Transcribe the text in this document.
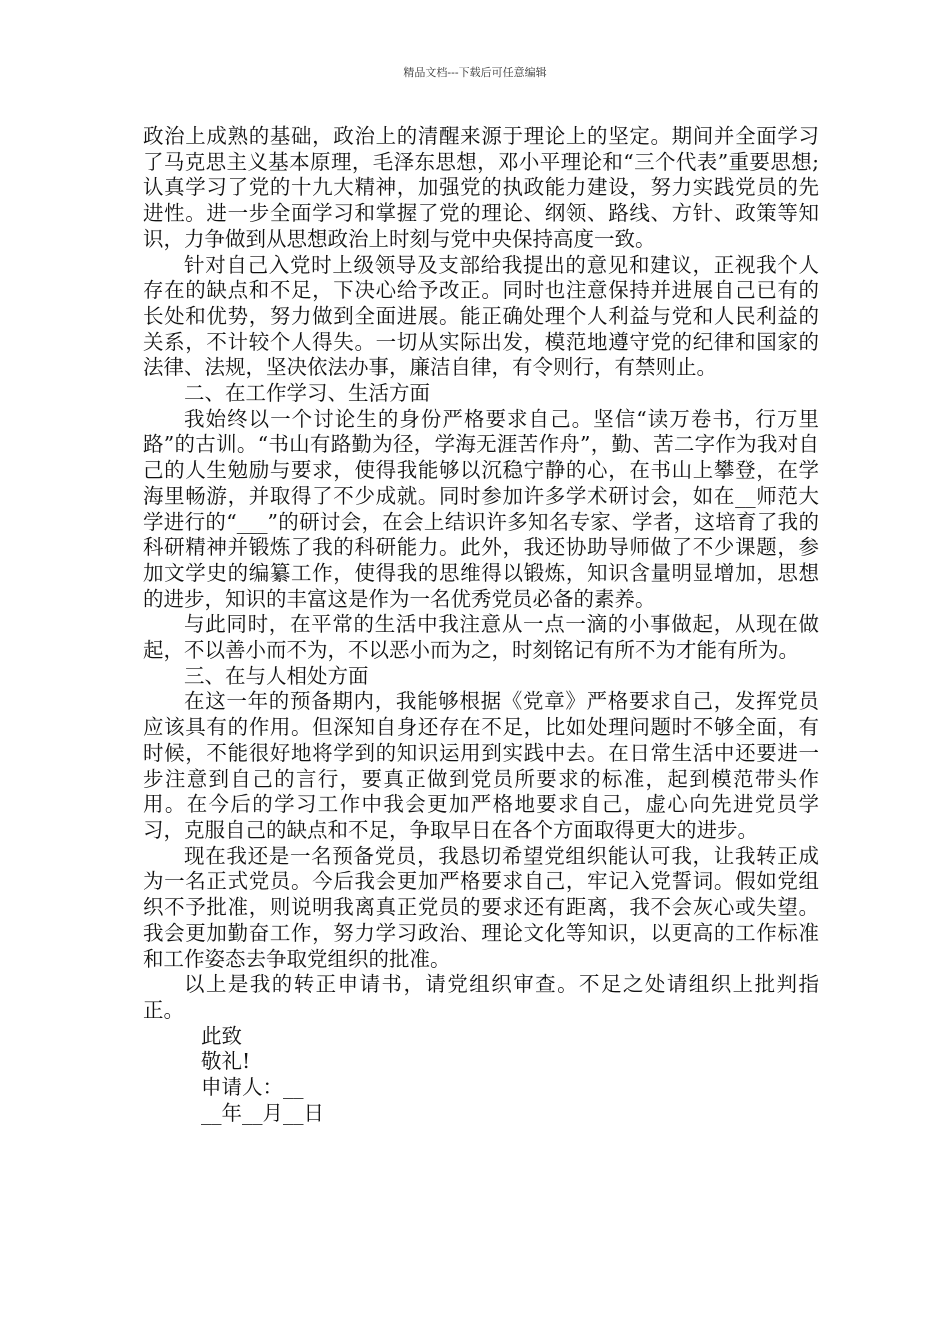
精品文档---下载后可任意编辑

政治上成熟的基础，政治上的清醒来源于理论上的坚定。期间并全面学习了马克思主义基本原理，毛泽东思想，邓小平理论和“三个代表”重要思想;认真学习了党的十九大精神，加强党的执政能力建设，努力实践党员的先进性。进一步全面学习和掌握了党的理论、纲领、路线、方针、政策等知识，力争做到从思想政治上时刻与党中央保持高度一致。

针对自己入党时上级领导及支部给我提出的意见和建议，正视我个人存在的缺点和不足，下决心给予改正。同时也注意保持并进展自己已有的长处和优势，努力做到全面进展。能正确处理个人利益与党和人民利益的关系，不计较个人得失。一切从实际出发，模范地遵守党的纪律和国家的法律、法规，坚决依法办事，廉洁自律，有令则行，有禁则止。

二、在工作学习、生活方面

我始终以一个讨论生的身份严格要求自己。坚信“读万卷书，行万里路”的古训。“书山有路勤为径，学海无涯苦作舟”，勤、苦二字作为我对自己的人生勉励与要求，使得我能够以沉稳宁静的心，在书山上攀登，在学海里畅游，并取得了不少成就。同时参加许多学术研讨会，如在__师范大学进行的“___”的研讨会，在会上结识许多知名专家、学者，这培育了我的科研精神并锻炼了我的科研能力。此外，我还协助导师做了不少课题，参加文学史的编纂工作，使得我的思维得以锻炼，知识含量明显增加，思想的进步，知识的丰富这是作为一名优秀党员必备的素养。

与此同时，在平常的生活中我注意从一点一滴的小事做起，从现在做起，不以善小而不为，不以恶小而为之，时刻铭记有所不为才能有所为。

三、在与人相处方面

在这一年的预备期内，我能够根据《党章》严格要求自己，发挥党员应该具有的作用。但深知自身还存在不足，比如处理问题时不够全面，有时候，不能很好地将学到的知识运用到实践中去。在日常生活中还要进一步注意到自己的言行，要真正做到党员所要求的标准，起到模范带头作用。在今后的学习工作中我会更加严格地要求自己，虚心向先进党员学习，克服自己的缺点和不足，争取早日在各个方面取得更大的进步。

现在我还是一名预备党员，我恳切希望党组织能认可我，让我转正成为一名正式党员。今后我会更加严格要求自己，牢记入党誓词。假如党组织不予批准，则说明我离真正党员的要求还有距离，我不会灰心或失望。我会更加勤奋工作，努力学习政治、理论文化等知识，以更高的工作标准和工作姿态去争取党组织的批准。

以上是我的转正申请书，请党组织审查。不足之处请组织上批判指正。

此致

敬礼!

申请人：__

__年__月__日
